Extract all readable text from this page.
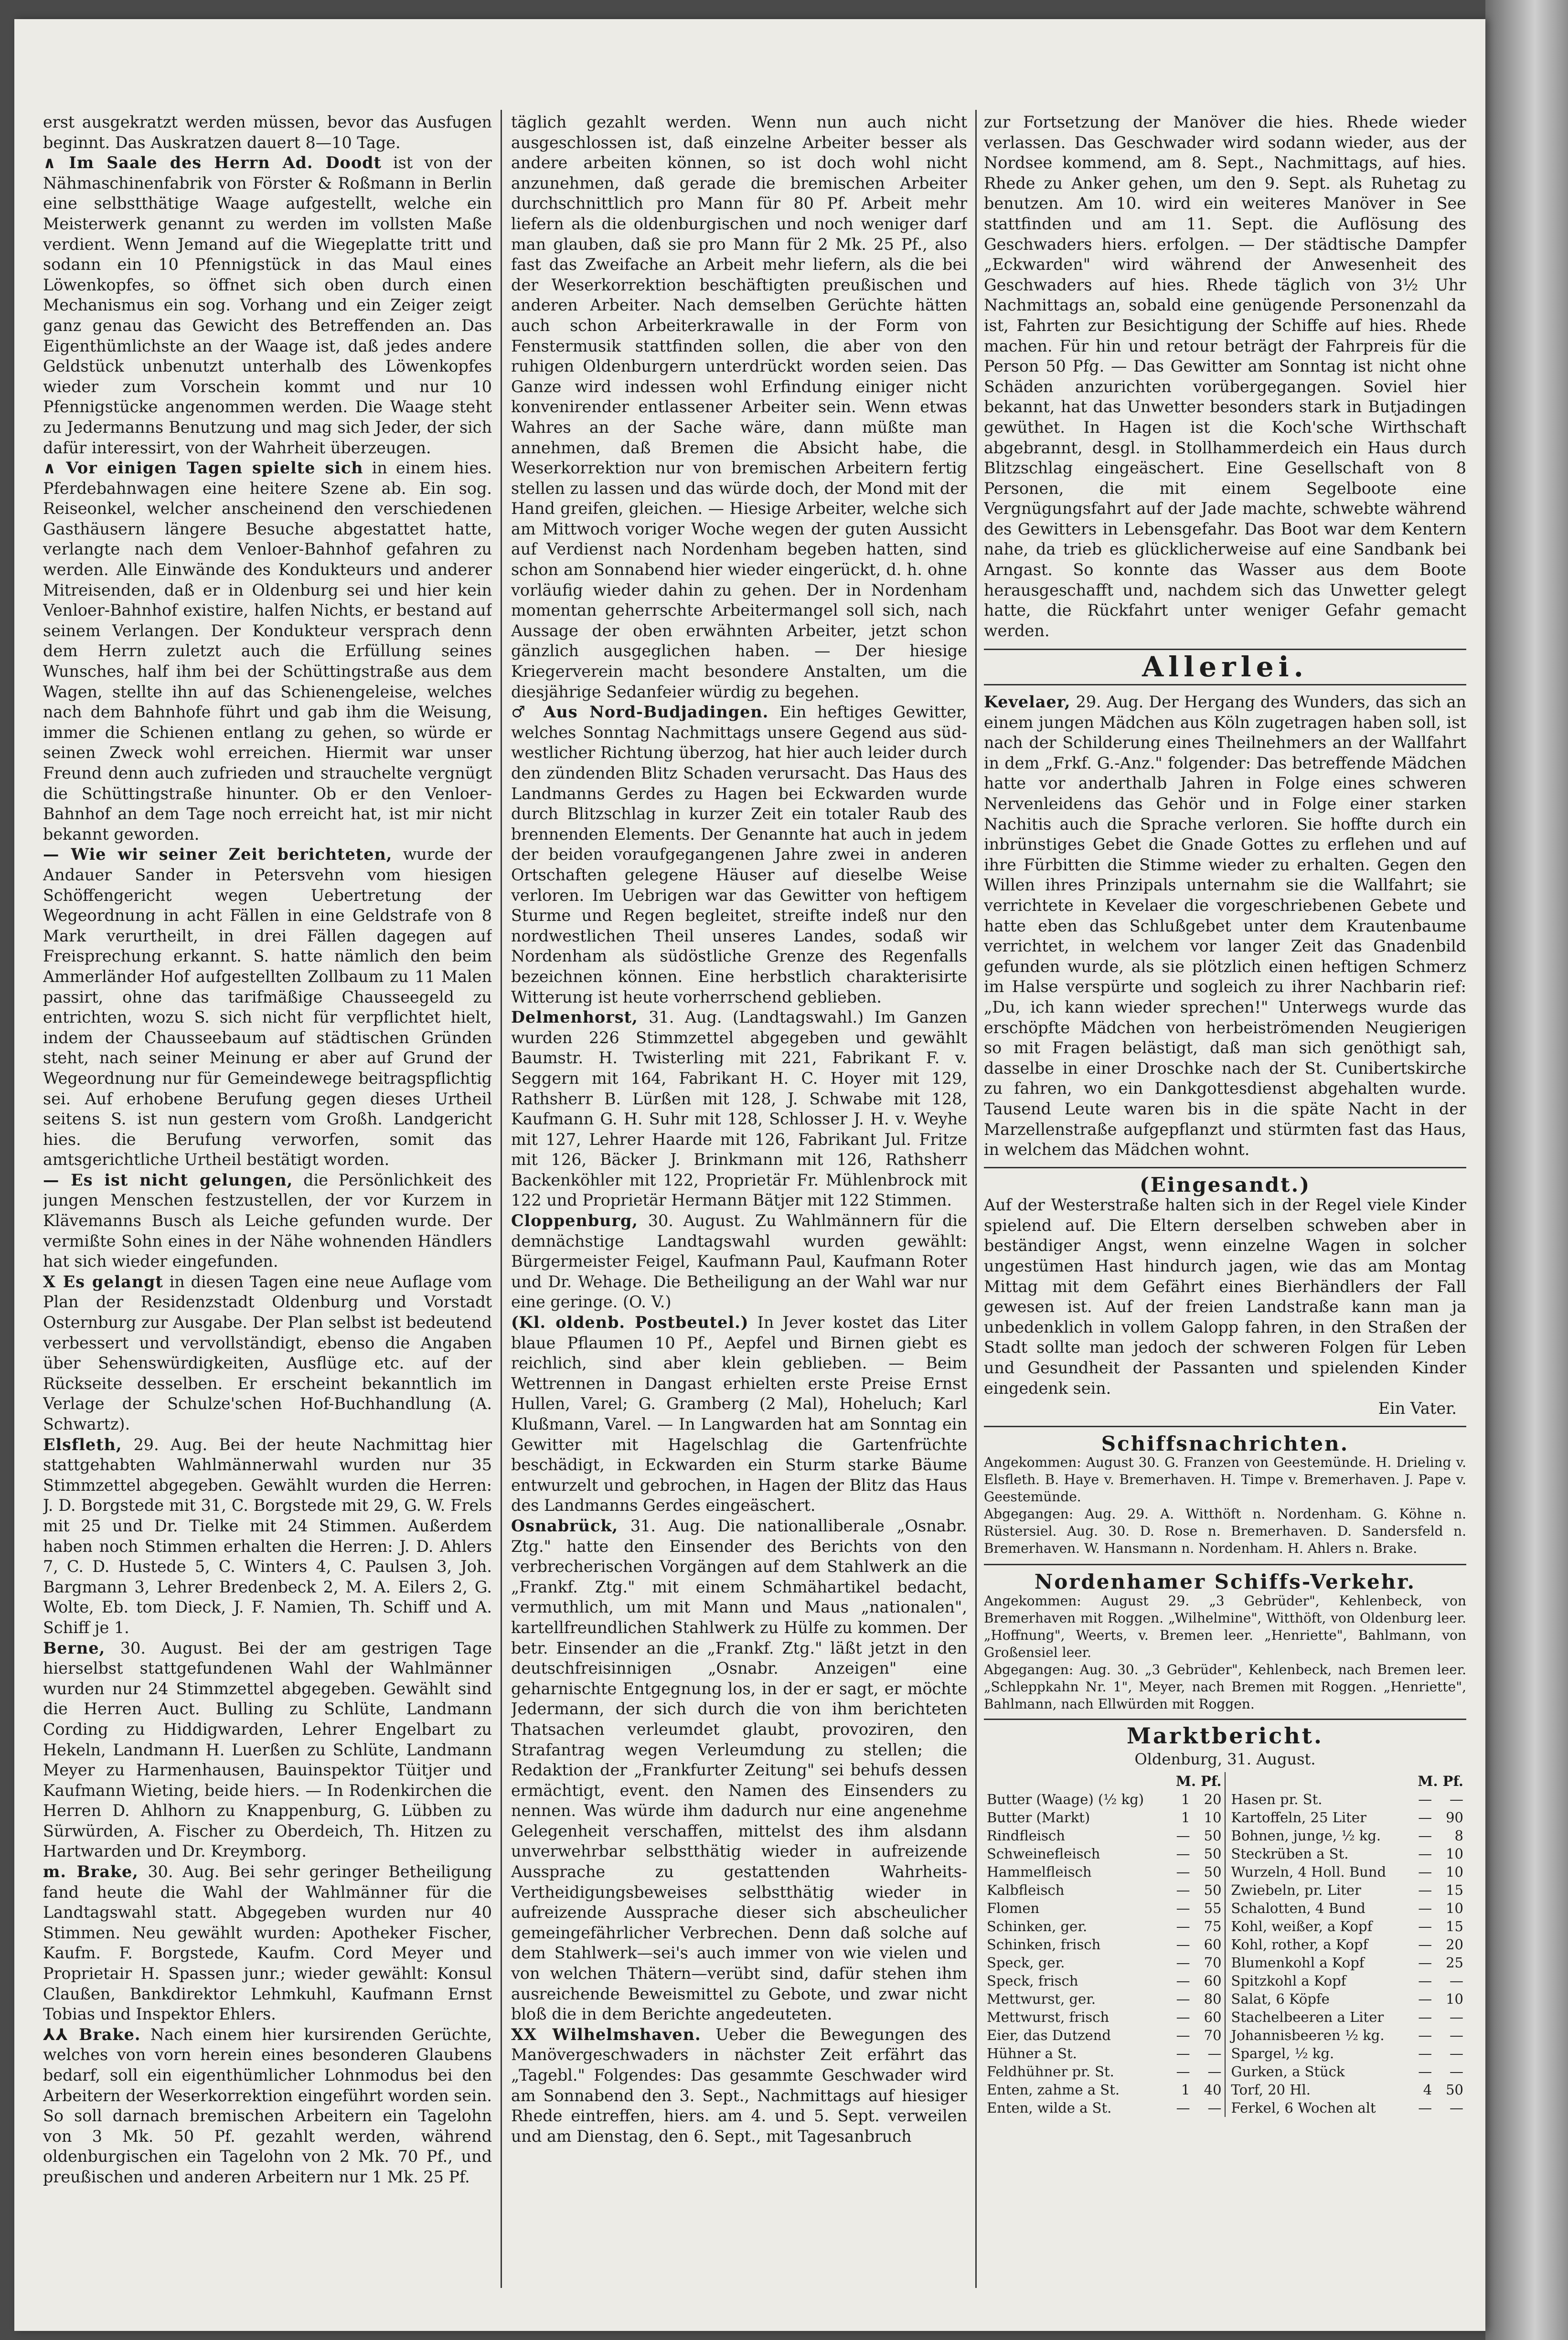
erst ausgekratzt werden müssen, bevor das Ausfugen beginnt. Das Auskratzen dauert 8—10 Tage.

∧ Im Saale des Herrn Ad. Doodt ist von der Nähmaschinenfabrik von Förster & Roßmann in Berlin eine selbstthätige Waage aufgestellt, welche ein Meisterwerk genannt zu werden im vollsten Maße verdient. Wenn Jemand auf die Wiegeplatte tritt und sodann ein 10 Pfennigstück in das Maul eines Löwenkopfes, so öffnet sich oben durch einen Mechanismus ein sog. Vorhang und ein Zeiger zeigt ganz genau das Gewicht des Betreffenden an. Das Eigenthümlichste an der Waage ist, daß jedes andere Geldstück unbenutzt unterhalb des Löwenkopfes wieder zum Vorschein kommt und nur 10 Pfennigstücke angenommen werden. Die Waage steht zu Jedermanns Benutzung und mag sich Jeder, der sich dafür interessirt, von der Wahrheit überzeugen.

∧ Vor einigen Tagen spielte sich in einem hies. Pferdebahnwagen eine heitere Szene ab. Ein sog. Reiseonkel, welcher anscheinend den verschiedenen Gasthäusern längere Besuche abgestattet hatte, verlangte nach dem Venloer-Bahnhof gefahren zu werden. Alle Einwände des Kondukteurs und anderer Mitreisenden, daß er in Oldenburg sei und hier kein Venloer-Bahnhof existire, halfen Nichts, er bestand auf seinem Verlangen. Der Kondukteur versprach denn dem Herrn zuletzt auch die Erfüllung seines Wunsches, half ihm bei der Schüttingstraße aus dem Wagen, stellte ihn auf das Schienengeleise, welches nach dem Bahnhofe führt und gab ihm die Weisung, immer die Schienen entlang zu gehen, so würde er seinen Zweck wohl erreichen. Hiermit war unser Freund denn auch zufrieden und strauchelte vergnügt die Schüttingstraße hinunter. Ob er den Venloer-Bahnhof an dem Tage noch erreicht hat, ist mir nicht bekannt geworden.

— Wie wir seiner Zeit berichteten, wurde der Andauer Sander in Petersvehn vom hiesigen Schöffengericht wegen Uebertretung der Wegeordnung in acht Fällen in eine Geldstrafe von 8 Mark verurtheilt, in drei Fällen dagegen auf Freisprechung erkannt. S. hatte nämlich den beim Ammerländer Hof aufgestellten Zollbaum zu 11 Malen passirt, ohne das tarifmäßige Chausseegeld zu entrichten, wozu S. sich nicht für verpflichtet hielt, indem der Chausseebaum auf städtischen Gründen steht, nach seiner Meinung er aber auf Grund der Wegeordnung nur für Gemeindewege beitragspflichtig sei. Auf erhobene Berufung gegen dieses Urtheil seitens S. ist nun gestern vom Großh. Landgericht hies. die Berufung verworfen, somit das amtsgerichtliche Urtheil bestätigt worden.

— Es ist nicht gelungen, die Persönlichkeit des jungen Menschen festzustellen, der vor Kurzem in Klävemanns Busch als Leiche gefunden wurde. Der vermißte Sohn eines in der Nähe wohnenden Händlers hat sich wieder eingefunden.

X Es gelangt in diesen Tagen eine neue Auflage vom Plan der Residenzstadt Oldenburg und Vorstadt Osternburg zur Ausgabe. Der Plan selbst ist bedeutend verbessert und vervollständigt, ebenso die Angaben über Sehenswürdigkeiten, Ausflüge etc. auf der Rückseite desselben. Er erscheint bekanntlich im Verlage der Schulze'schen Hof-Buchhandlung (A. Schwartz).

Elsfleth, 29. Aug. Bei der heute Nachmittag hier stattgehabten Wahlmännerwahl wurden nur 35 Stimmzettel abgegeben. Gewählt wurden die Herren: J. D. Borgstede mit 31, C. Borgstede mit 29, G. W. Frels mit 25 und Dr. Tielke mit 24 Stimmen. Außerdem haben noch Stimmen erhalten die Herren: J. D. Ahlers 7, C. D. Hustede 5, C. Winters 4, C. Paulsen 3, Joh. Bargmann 3, Lehrer Bredenbeck 2, M. A. Eilers 2, G. Wolte, Eb. tom Dieck, J. F. Namien, Th. Schiff und A. Schiff je 1.

Berne, 30. August. Bei der am gestrigen Tage hierselbst stattgefundenen Wahl der Wahlmänner wurden nur 24 Stimmzettel abgegeben. Gewählt sind die Herren Auct. Bulling zu Schlüte, Landmann Cording zu Hiddigwarden, Lehrer Engelbart zu Hekeln, Landmann H. Luerßen zu Schlüte, Landmann Meyer zu Harmenhausen, Bauinspektor Tüitjer und Kaufmann Wieting, beide hiers. — In Rodenkirchen die Herren D. Ahlhorn zu Knappenburg, G. Lübben zu Sürwürden, A. Fischer zu Oberdeich, Th. Hitzen zu Hartwarden und Dr. Kreymborg.

m. Brake, 30. Aug. Bei sehr geringer Betheiligung fand heute die Wahl der Wahlmänner für die Landtagswahl statt. Abgegeben wurden nur 40 Stimmen. Neu gewählt wurden: Apotheker Fischer, Kaufm. F. Borgstede, Kaufm. Cord Meyer und Proprietair H. Spassen junr.; wieder gewählt: Konsul Claußen, Bankdirektor Lehmkuhl, Kaufmann Ernst Tobias und Inspektor Ehlers.

⅄⅄ Brake. Nach einem hier kursirenden Gerüchte, welches von vorn herein eines besonderen Glaubens bedarf, soll ein eigenthümlicher Lohnmodus bei den Arbeitern der Weserkorrektion eingeführt worden sein. So soll darnach bremischen Arbeitern ein Tagelohn von 3 Mk. 50 Pf. gezahlt werden, während oldenburgischen ein Tagelohn von 2 Mk. 70 Pf., und preußischen und anderen Arbeitern nur 1 Mk. 25 Pf.

täglich gezahlt werden. Wenn nun auch nicht ausgeschlossen ist, daß einzelne Arbeiter besser als andere arbeiten können, so ist doch wohl nicht anzunehmen, daß gerade die bremischen Arbeiter durchschnittlich pro Mann für 80 Pf. Arbeit mehr liefern als die oldenburgischen und noch weniger darf man glauben, daß sie pro Mann für 2 Mk. 25 Pf., also fast das Zweifache an Arbeit mehr liefern, als die bei der Weserkorrektion beschäftigten preußischen und anderen Arbeiter. Nach demselben Gerüchte hätten auch schon Arbeiterkrawalle in der Form von Fenstermusik stattfinden sollen, die aber von den ruhigen Oldenburgern unterdrückt worden seien. Das Ganze wird indessen wohl Erfindung einiger nicht konvenirender entlassener Arbeiter sein. Wenn etwas Wahres an der Sache wäre, dann müßte man annehmen, daß Bremen die Absicht habe, die Weserkorrektion nur von bremischen Arbeitern fertig stellen zu lassen und das würde doch, der Mond mit der Hand greifen, gleichen. — Hiesige Arbeiter, welche sich am Mittwoch voriger Woche wegen der guten Aussicht auf Verdienst nach Nordenham begeben hatten, sind schon am Sonnabend hier wieder eingerückt, d. h. ohne vorläufig wieder dahin zu gehen. Der in Nordenham momentan geherrschte Arbeitermangel soll sich, nach Aussage der oben erwähnten Arbeiter, jetzt schon gänzlich ausgeglichen haben. — Der hiesige Kriegerverein macht besondere Anstalten, um die diesjährige Sedanfeier würdig zu begehen.

♂ Aus Nord-Budjadingen. Ein heftiges Gewitter, welches Sonntag Nachmittags unsere Gegend aus süd-westlicher Richtung überzog, hat hier auch leider durch den zündenden Blitz Schaden verursacht. Das Haus des Landmanns Gerdes zu Hagen bei Eckwarden wurde durch Blitzschlag in kurzer Zeit ein totaler Raub des brennenden Elements. Der Genannte hat auch in jedem der beiden voraufgegangenen Jahre zwei in anderen Ortschaften gelegene Häuser auf dieselbe Weise verloren. Im Uebrigen war das Gewitter von heftigem Sturme und Regen begleitet, streifte indeß nur den nordwestlichen Theil unseres Landes, sodaß wir Nordenham als südöstliche Grenze des Regenfalls bezeichnen können. Eine herbstlich charakterisirte Witterung ist heute vorherrschend geblieben.

Delmenhorst, 31. Aug. (Landtagswahl.) Im Ganzen wurden 226 Stimmzettel abgegeben und gewählt Baumstr. H. Twisterling mit 221, Fabrikant F. v. Seggern mit 164, Fabrikant H. C. Hoyer mit 129, Rathsherr B. Lürßen mit 128, J. Schwabe mit 128, Kaufmann G. H. Suhr mit 128, Schlosser J. H. v. Weyhe mit 127, Lehrer Haarde mit 126, Fabrikant Jul. Fritze mit 126, Bäcker J. Brinkmann mit 126, Rathsherr Backenköhler mit 122, Proprietär Fr. Mühlenbrock mit 122 und Proprietär Hermann Bätjer mit 122 Stimmen.

Cloppenburg, 30. August. Zu Wahlmännern für die demnächstige Landtagswahl wurden gewählt: Bürgermeister Feigel, Kaufmann Paul, Kaufmann Roter und Dr. Wehage. Die Betheiligung an der Wahl war nur eine geringe. (O. V.)

(Kl. oldenb. Postbeutel.) In Jever kostet das Liter blaue Pflaumen 10 Pf., Aepfel und Birnen giebt es reichlich, sind aber klein geblieben. — Beim Wettrennen in Dangast erhielten erste Preise Ernst Hullen, Varel; G. Gramberg (2 Mal), Hoheluch; Karl Klußmann, Varel. — In Langwarden hat am Sonntag ein Gewitter mit Hagelschlag die Gartenfrüchte beschädigt, in Eckwarden ein Sturm starke Bäume entwurzelt und gebrochen, in Hagen der Blitz das Haus des Landmanns Gerdes eingeäschert.

Osnabrück, 31. Aug. Die nationalliberale „Osnabr. Ztg." hatte den Einsender des Berichts von den verbrecherischen Vorgängen auf dem Stahlwerk an die „Frankf. Ztg." mit einem Schmähartikel bedacht, vermuthlich, um mit Mann und Maus „nationalen", kartellfreundlichen Stahlwerk zu Hülfe zu kommen. Der betr. Einsender an die „Frankf. Ztg." läßt jetzt in den deutschfreisinnigen „Osnabr. Anzeigen" eine geharnischte Entgegnung los, in der er sagt, er möchte Jedermann, der sich durch die von ihm berichteten Thatsachen verleumdet glaubt, provoziren, den Strafantrag wegen Verleumdung zu stellen; die Redaktion der „Frankfurter Zeitung" sei behufs dessen ermächtigt, event. den Namen des Einsenders zu nennen. Was würde ihm dadurch nur eine angenehme Gelegenheit verschaffen, mittelst des ihm alsdann unverwehrbar selbstthätig wieder in aufreizende Aussprache zu gestattenden Wahrheits-Vertheidigungsbeweises selbstthätig wieder in aufreizende Aussprache dieser sich abscheulicher gemeingefährlicher Verbrechen. Denn daß solche auf dem Stahlwerk—sei's auch immer von wie vielen und von welchen Thätern—verübt sind, dafür stehen ihm ausreichende Beweismittel zu Gebote, und zwar nicht bloß die in dem Berichte angedeuteten.

XX Wilhelmshaven. Ueber die Bewegungen des Manövergeschwaders in nächster Zeit erfährt das „Tagebl." Folgendes: Das gesammte Geschwader wird am Sonnabend den 3. Sept., Nachmittags auf hiesiger Rhede eintreffen, hiers. am 4. und 5. Sept. verweilen und am Dienstag, den 6. Sept., mit Tagesanbruch

zur Fortsetzung der Manöver die hies. Rhede wieder verlassen. Das Geschwader wird sodann wieder, aus der Nordsee kommend, am 8. Sept., Nachmittags, auf hies. Rhede zu Anker gehen, um den 9. Sept. als Ruhetag zu benutzen. Am 10. wird ein weiteres Manöver in See stattfinden und am 11. Sept. die Auflösung des Geschwaders hiers. erfolgen. — Der städtische Dampfer „Eckwarden" wird während der Anwesenheit des Geschwaders auf hies. Rhede täglich von 3½ Uhr Nachmittags an, sobald eine genügende Personenzahl da ist, Fahrten zur Besichtigung der Schiffe auf hies. Rhede machen. Für hin und retour beträgt der Fahrpreis für die Person 50 Pfg. — Das Gewitter am Sonntag ist nicht ohne Schäden anzurichten vorübergegangen. Soviel hier bekannt, hat das Unwetter besonders stark in Butjadingen gewüthet. In Hagen ist die Koch'sche Wirthschaft abgebrannt, desgl. in Stollhammerdeich ein Haus durch Blitzschlag eingeäschert. Eine Gesellschaft von 8 Personen, die mit einem Segelboote eine Vergnügungsfahrt auf der Jade machte, schwebte während des Gewitters in Lebensgefahr. Das Boot war dem Kentern nahe, da trieb es glücklicherweise auf eine Sandbank bei Arngast. So konnte das Wasser aus dem Boote herausgeschafft und, nachdem sich das Unwetter gelegt hatte, die Rückfahrt unter weniger Gefahr gemacht werden.

Allerlei.

Kevelaer, 29. Aug. Der Hergang des Wunders, das sich an einem jungen Mädchen aus Köln zugetragen haben soll, ist nach der Schilderung eines Theilnehmers an der Wallfahrt in dem „Frkf. G.-Anz." folgender: Das betreffende Mädchen hatte vor anderthalb Jahren in Folge eines schweren Nervenleidens das Gehör und in Folge einer starken Nachitis auch die Sprache verloren. Sie hoffte durch ein inbrünstiges Gebet die Gnade Gottes zu erflehen und auf ihre Fürbitten die Stimme wieder zu erhalten. Gegen den Willen ihres Prinzipals unternahm sie die Wallfahrt; sie verrichtete in Kevelaer die vorgeschriebenen Gebete und hatte eben das Schlußgebet unter dem Krautenbaume verrichtet, in welchem vor langer Zeit das Gnadenbild gefunden wurde, als sie plötzlich einen heftigen Schmerz im Halse verspürte und sogleich zu ihrer Nachbarin rief: „Du, ich kann wieder sprechen!" Unterwegs wurde das erschöpfte Mädchen von herbeiströmenden Neugierigen so mit Fragen belästigt, daß man sich genöthigt sah, dasselbe in einer Droschke nach der St. Cunibertskirche zu fahren, wo ein Dankgottesdienst abgehalten wurde. Tausend Leute waren bis in die späte Nacht in der Marzellenstraße aufgepflanzt und stürmten fast das Haus, in welchem das Mädchen wohnt.

(Eingesandt.)

Auf der Westerstraße halten sich in der Regel viele Kinder spielend auf. Die Eltern derselben schweben aber in beständiger Angst, wenn einzelne Wagen in solcher ungestümen Hast hindurch jagen, wie das am Montag Mittag mit dem Gefährt eines Bierhändlers der Fall gewesen ist. Auf der freien Landstraße kann man ja unbedenklich in vollem Galopp fahren, in den Straßen der Stadt sollte man jedoch der schweren Folgen für Leben und Gesundheit der Passanten und spielenden Kinder eingedenk sein.

Ein Vater.

Schiffsnachrichten.

Angekommen: August 30. G. Franzen von Geestemünde. H. Drieling v. Elsfleth. B. Haye v. Bremerhaven. H. Timpe v. Bremerhaven. J. Pape v. Geestemünde.

Abgegangen: Aug. 29. A. Witthöft n. Nordenham. G. Köhne n. Rüstersiel. Aug. 30. D. Rose n. Bremerhaven. D. Sandersfeld n. Bremerhaven. W. Hansmann n. Nordenham. H. Ahlers n. Brake.

Nordenhamer Schiffs-Verkehr.

Angekommen: August 29. „3 Gebrüder", Kehlenbeck, von Bremerhaven mit Roggen. „Wilhelmine", Witthöft, von Oldenburg leer. „Hoffnung", Weerts, v. Bremen leer. „Henriette", Bahlmann, von Großensiel leer.

Abgegangen: Aug. 30. „3 Gebrüder", Kehlenbeck, nach Bremen leer. „Schleppkahn Nr. 1", Meyer, nach Bremen mit Roggen. „Henriette", Bahlmann, nach Ellwürden mit Roggen.

Marktbericht.
Oldenburg, 31. August.
	M. Pf.				M. Pf.	
Butter (Waage) (½ kg)	1	20		Hasen pr. St.	—	—
Butter (Markt)	1	10		Kartoffeln, 25 Liter	—	90
Rindfleisch	—	50		Bohnen, junge, ½ kg.	—	8
Schweinefleisch	—	50		Steckrüben a St.	—	10
Hammelfleisch	—	50		Wurzeln, 4 Holl. Bund	—	10
Kalbfleisch	—	50		Zwiebeln, pr. Liter	—	15
Flomen	—	55		Schalotten, 4 Bund	—	10
Schinken, ger.	—	75		Kohl, weißer, a Kopf	—	15
Schinken, frisch	—	60		Kohl, rother, a Kopf	—	20
Speck, ger.	—	70		Blumenkohl a Kopf	—	25
Speck, frisch	—	60		Spitzkohl a Kopf	—	—
Mettwurst, ger.	—	80		Salat, 6 Köpfe	—	10
Mettwurst, frisch	—	60		Stachelbeeren a Liter	—	—
Eier, das Dutzend	—	70		Johannisbeeren ½ kg.	—	—
Hühner a St.	—	—		Spargel, ½ kg.	—	—
Feldhühner pr. St.	—	—		Gurken, a Stück	—	—
Enten, zahme a St.	1	40		Torf, 20 Hl.	4	50
Enten, wilde a St.	—	—		Ferkel, 6 Wochen alt	—	—
